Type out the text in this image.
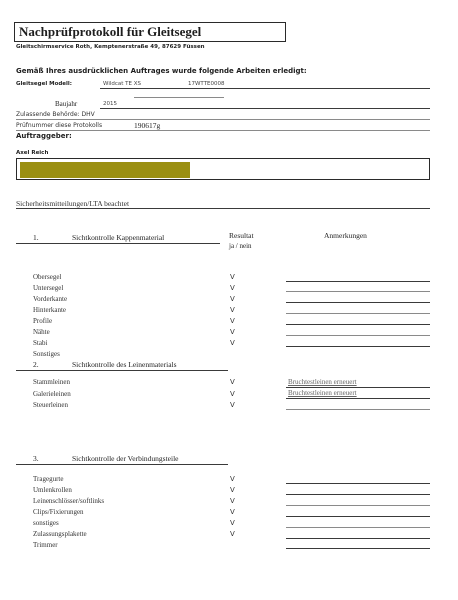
Nachprüfprotokoll für Gleitsegel
Gleitschirmservice Roth, Kemptenerstraße 49, 87629 Füssen
Gemäß Ihres ausdrücklichen Auftrages wurde folgende Arbeiten erledigt:
Gleitsegel Modell:	Wildcat TE XS	17WTTE0008
Baujahr	2015
Zulassende Behörde: DHV
Prüfnummer diese Protokolls	190617g
Auftraggeber:
Axel Reich
Sicherheitsmitteilungen/LTA beachtet
Resultat
ja / nein
Anmerkungen
1.	Sichtkontrolle Kappenmaterial
Obersegel	V
Untersegel	V
Vorderkante	V
Hinterkante	V
Profile	V
Nähte	V
Stabi	V
Sonstiges
2.	Sichtkontrolle des Leinenmaterials
Stammleinen	V	Bruchtestleinen erneuert
Galerieleinen	V	Bruchtestleinen erneuert
Steuerleinen	V
3.	Sichtkontrolle der Verbindungsteile
Tragegurte	V
Umlenkrollen	V
Leinenschlösser/softlinks	V
Clips/Fixierungen	V
sonstiges	V
Zulassungsplakette	V
Trimmer
